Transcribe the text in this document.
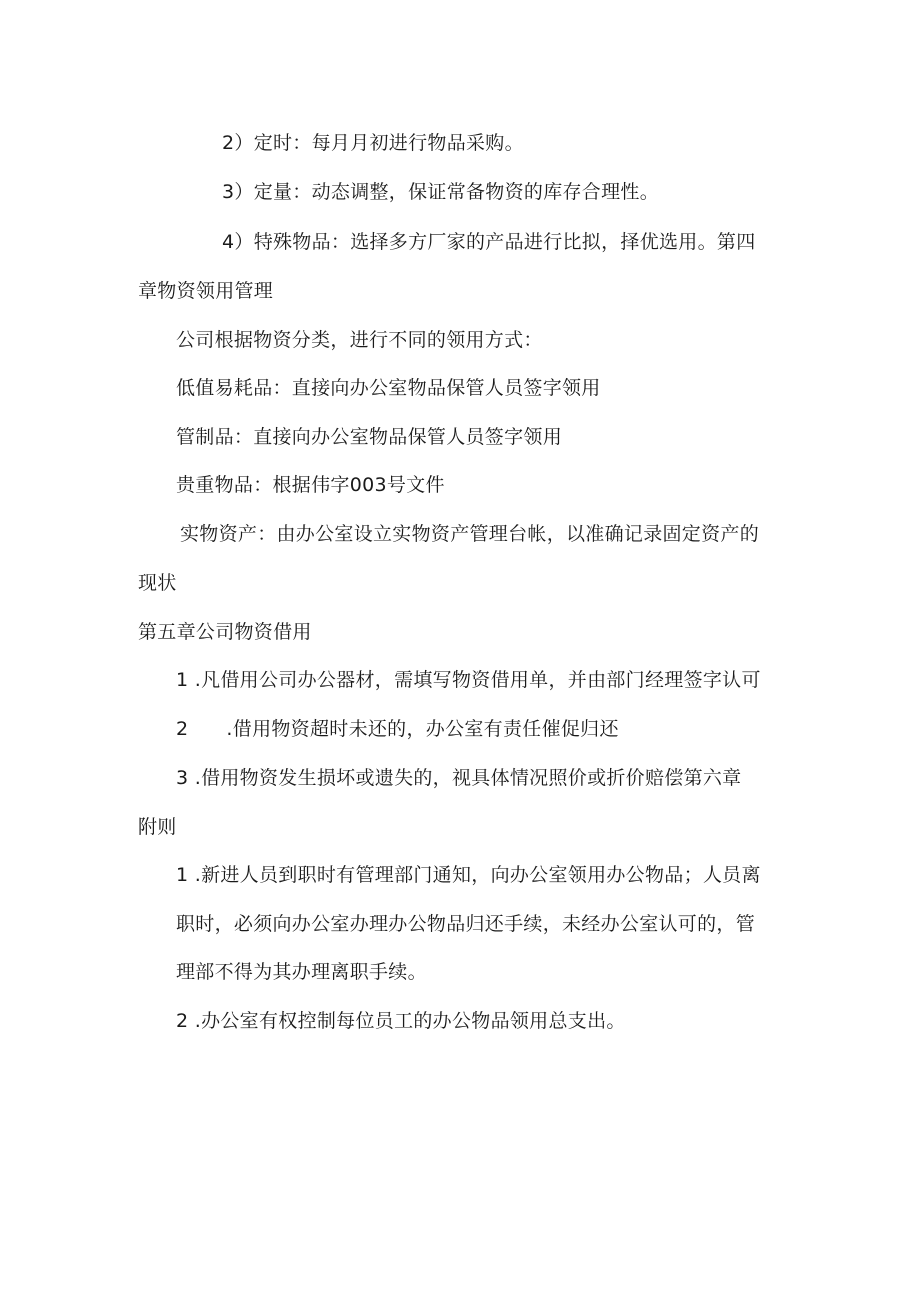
2）定时：每月月初进行物品采购。
3）定量：动态调整，保证常备物资的库存合理性。
4）特殊物品：选择多方厂家的产品进行比拟，择优选用。第四
章物资领用管理
公司根据物资分类，进行不同的领用方式：
低值易耗品：直接向办公室物品保管人员签字领用
管制品：直接向办公室物品保管人员签字领用
贵重物品：根据伟字003号文件
实物资产：由办公室设立实物资产管理台帐，以准确记录固定资产的
现状
第五章公司物资借用
1 .凡借用公司办公器材，需填写物资借用单，并由部门经理签字认可
2      .借用物资超时未还的，办公室有责任催促归还
3 .借用物资发生损坏或遗失的，视具体情况照价或折价赔偿第六章
附则
1 .新进人员到职时有管理部门通知，向办公室领用办公物品；人员离
职时，必须向办公室办理办公物品归还手续，未经办公室认可的，管
理部不得为其办理离职手续。
2 .办公室有权控制每位员工的办公物品领用总支出。
